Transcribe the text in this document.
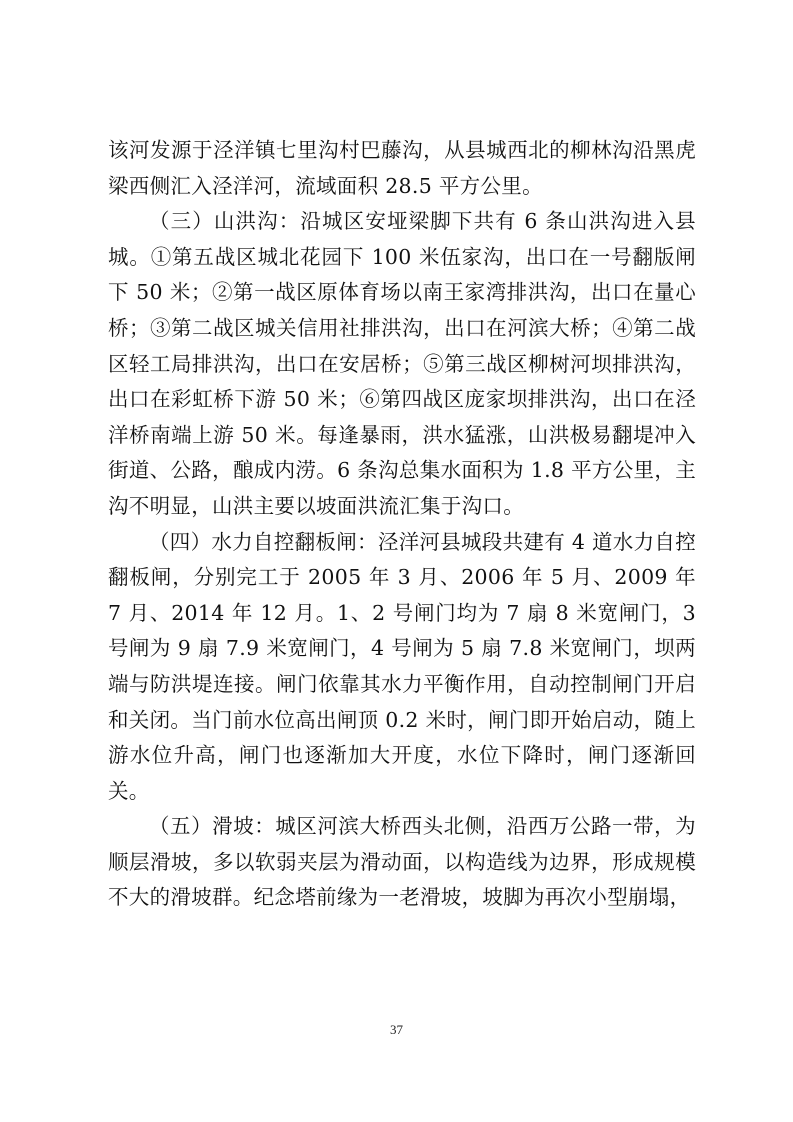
该河发源于泾洋镇七里沟村巴藤沟，从县城西北的柳林沟沿黑虎梁西侧汇入泾洋河，流域面积 28.5 平方公里。

（三）山洪沟：沿城区安垭梁脚下共有 6 条山洪沟进入县城。①第五战区城北花园下 100 米伍家沟，出口在一号翻版闸下 50 米；②第一战区原体育场以南王家湾排洪沟，出口在量心桥；③第二战区城关信用社排洪沟，出口在河滨大桥；④第二战区轻工局排洪沟，出口在安居桥；⑤第三战区柳树河坝排洪沟，出口在彩虹桥下游 50 米；⑥第四战区庞家坝排洪沟，出口在泾洋桥南端上游 50 米。每逢暴雨，洪水猛涨，山洪极易翻堤冲入街道、公路，酿成内涝。6 条沟总集水面积为 1.8 平方公里，主沟不明显，山洪主要以坡面洪流汇集于沟口。

（四）水力自控翻板闸：泾洋河县城段共建有 4 道水力自控翻板闸，分别完工于 2005 年 3 月、2006 年 5 月、2009 年 7 月、2014 年 12 月。1、2 号闸门均为 7 扇 8 米宽闸门，3 号闸为 9 扇 7.9 米宽闸门，4 号闸为 5 扇 7.8 米宽闸门，坝两端与防洪堤连接。闸门依靠其水力平衡作用，自动控制闸门开启和关闭。当门前水位高出闸顶 0.2 米时，闸门即开始启动，随上游水位升高，闸门也逐渐加大开度，水位下降时，闸门逐渐回关。

（五）滑坡：城区河滨大桥西头北侧，沿西万公路一带，为顺层滑坡，多以软弱夹层为滑动面，以构造线为边界，形成规模不大的滑坡群。纪念塔前缘为一老滑坡，坡脚为再次小型崩塌，

37
